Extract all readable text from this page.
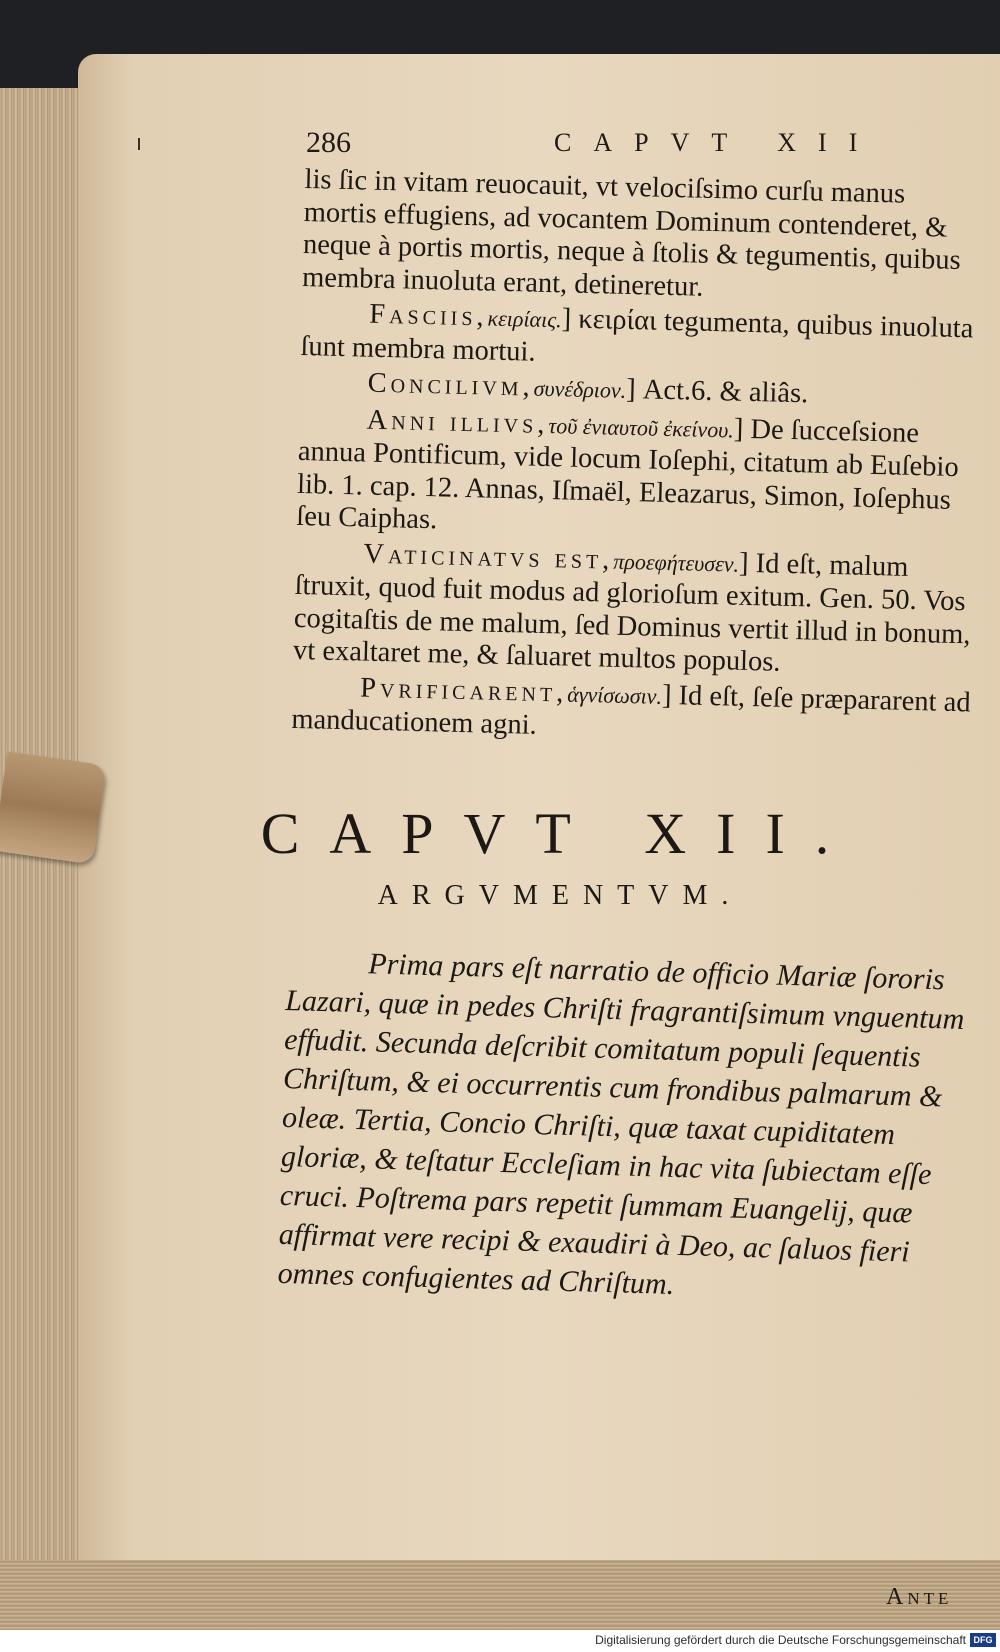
286	CAPVT XII

lis ſic in vitam reuocauit, vt velociſsimo curſu manus mortis effugiens, ad vocantem Dominum contenderet, & neque à portis mortis, neque à ſtolis & tegumentis, quibus membra inuoluta erant, detineretur.

Fasciis,κειρίαις.] κειρίαι tegumenta, quibus inuoluta ſunt membra mortui.

Concilivm,συνέδριον.] Act.6. & aliâs.

Anni illivs,τοῦ ἐνιαυτοῦ ἐκείνου.] De ſucceſsione annua Pontificum, vide locum Ioſephi, citatum ab Euſebio lib. 1. cap. 12. Annas, Iſmaël, Eleazarus, Simon, Ioſephus ſeu Caiphas.

Vaticinatvs est,προεφήτευσεν.] Id eſt, malum ſtruxit, quod fuit modus ad glorioſum exitum. Gen. 50. Vos cogitaſtis de me malum, ſed Dominus vertit illud in bonum, vt exaltaret me, & ſaluaret multos populos.

Pvrificarent,ἁγνίσωσιν.] Id eſt, ſeſe præpararent ad manducationem agni.

CAPVT XII.
ARGVMENTVM.

Prima pars eſt narratio de officio Mariæ ſororis Lazari, quæ in pedes Chriſti fragrantiſsimum vnguentum effudit. Secunda deſcribit comitatum populi ſequentis Chriſtum, & ei occurrentis cum frondibus palmarum & oleæ. Tertia, Concio Chriſti, quæ taxat cupiditatem gloriæ, & teſtatur Eccleſiam in hac vita ſubiectam eſſe cruci. Poſtrema pars repetit ſummam Euangelij, quæ affirmat vere recipi & exaudiri à Deo, ac ſaluos fieri omnes confugientes ad Chriſtum.

Ante
Digitalisierung gefördert durch die Deutsche Forschungsgemeinschaft DFG
